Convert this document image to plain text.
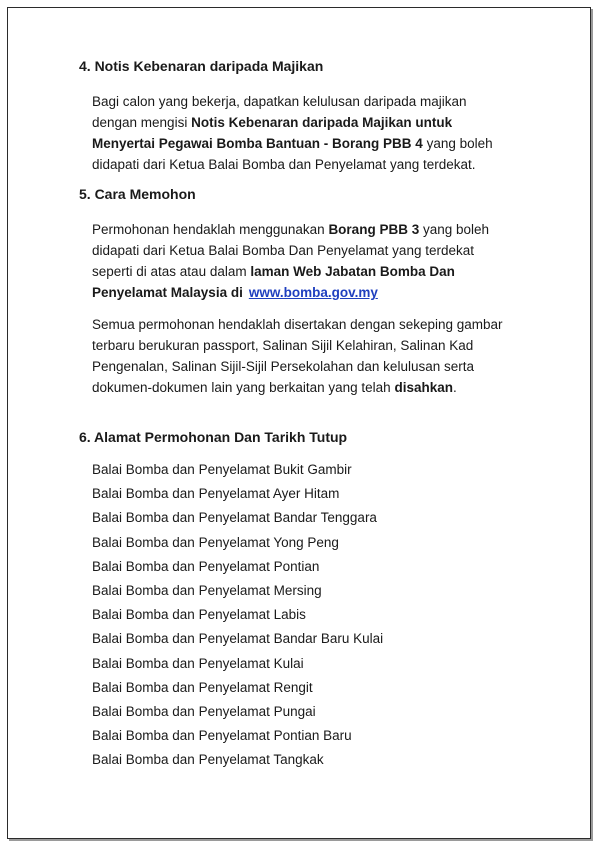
4. Notis Kebenaran daripada Majikan
Bagi calon yang bekerja, dapatkan kelulusan daripada majikan
dengan mengisi Notis Kebenaran daripada Majikan untuk
Menyertai Pegawai Bomba Bantuan - Borang PBB 4 yang boleh
didapati dari Ketua Balai Bomba dan Penyelamat yang terdekat.
5. Cara Memohon
Permohonan hendaklah menggunakan Borang PBB 3 yang boleh
didapati dari Ketua Balai Bomba Dan Penyelamat yang terdekat
seperti di atas atau dalam laman Web Jabatan Bomba Dan
Penyelamat Malaysia di www.bomba.gov.my
Semua permohonan hendaklah disertakan dengan sekeping gambar
terbaru berukuran passport, Salinan Sijil Kelahiran, Salinan Kad
Pengenalan, Salinan Sijil-Sijil Persekolahan dan kelulusan serta
dokumen-dokumen lain yang berkaitan yang telah disahkan.
6. Alamat Permohonan Dan Tarikh Tutup
Balai Bomba dan Penyelamat Bukit Gambir
Balai Bomba dan Penyelamat Ayer Hitam
Balai Bomba dan Penyelamat Bandar Tenggara
Balai Bomba dan Penyelamat Yong Peng
Balai Bomba dan Penyelamat Pontian
Balai Bomba dan Penyelamat Mersing
Balai Bomba dan Penyelamat Labis
Balai Bomba dan Penyelamat Bandar Baru Kulai
Balai Bomba dan Penyelamat Kulai
Balai Bomba dan Penyelamat Rengit
Balai Bomba dan Penyelamat Pungai
Balai Bomba dan Penyelamat Pontian Baru
Balai Bomba dan Penyelamat Tangkak
